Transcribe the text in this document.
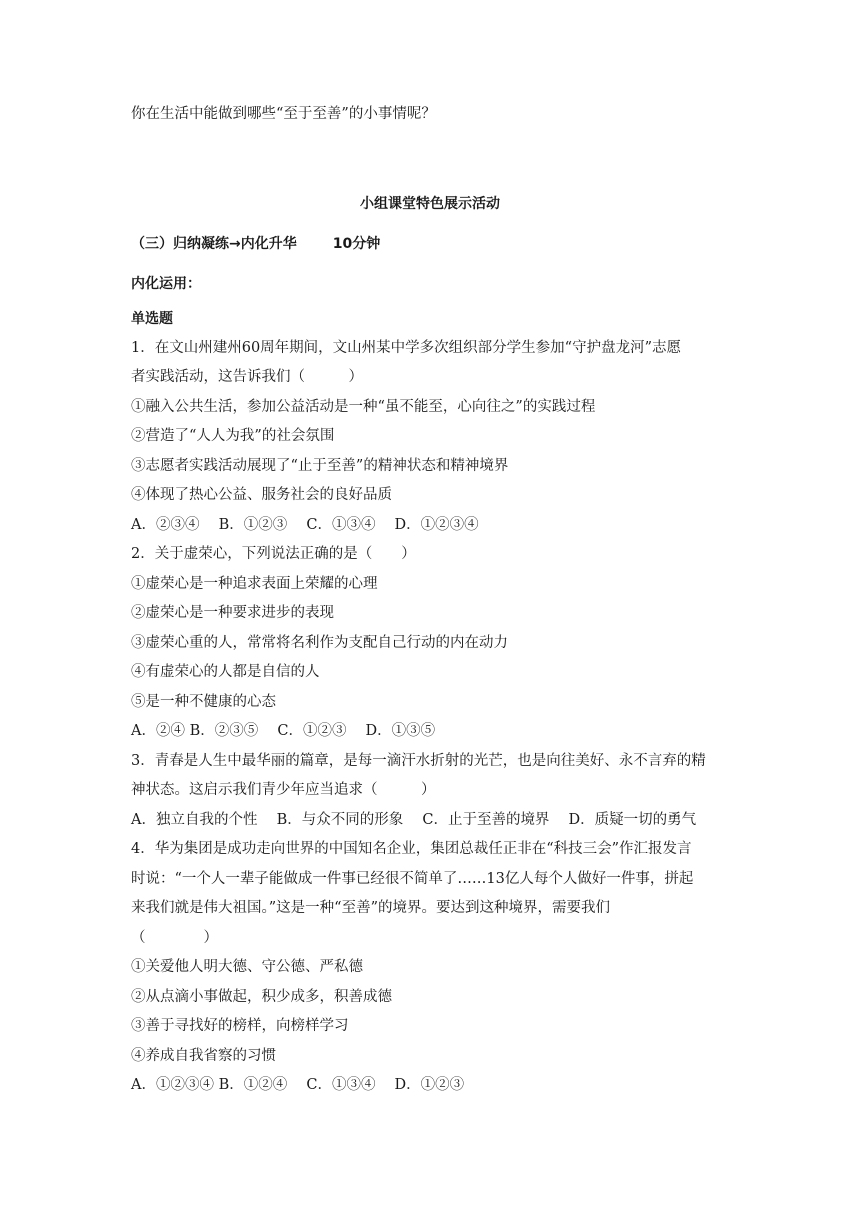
你在生活中能做到哪些“至于至善”的小事情呢？
小组课堂特色展示活动
（三）归纳凝练→内化升华	10分钟
内化运用：
单选题
1．在文山州建州60周年期间，文山州某中学多次组织部分学生参加“守护盘龙河”志愿
者实践活动，这告诉我们（　　　）
①融入公共生活，参加公益活动是一种“虽不能至，心向往之”的实践过程
②营造了“人人为我”的社会氛围
③志愿者实践活动展现了“止于至善”的精神状态和精神境界
④体现了热心公益、服务社会的良好品质
A．②③④　 B．①②③　 C．①③④　 D．①②③④
2．关于虚荣心，下列说法正确的是（　　）
①虚荣心是一种追求表面上荣耀的心理
②虚荣心是一种要求进步的表现
③虚荣心重的人，常常将名利作为支配自己行动的内在动力
④有虚荣心的人都是自信的人
⑤是一种不健康的心态
A．②④ B．②③⑤　 C．①②③　 D．①③⑤
3．青春是人生中最华丽的篇章，是每一滴汗水折射的光芒，也是向往美好、永不言弃的精
神状态。这启示我们青少年应当追求（　　　）
A．独立自我的个性　 B．与众不同的形象　 C．止于至善的境界　 D．质疑一切的勇气
4．华为集团是成功走向世界的中国知名企业，集团总裁任正非在“科技三会”作汇报发言
时说：“一个人一辈子能做成一件事已经很不简单了……13亿人每个人做好一件事，拼起
来我们就是伟大祖国。”这是一种“至善”的境界。要达到这种境界，需要我们
（　　　　）
①关爱他人明大德、守公德、严私德
②从点滴小事做起，积少成多，积善成德
③善于寻找好的榜样，向榜样学习
④养成自我省察的习惯
A．①②③④ B．①②④　 C．①③④　 D．①②③
